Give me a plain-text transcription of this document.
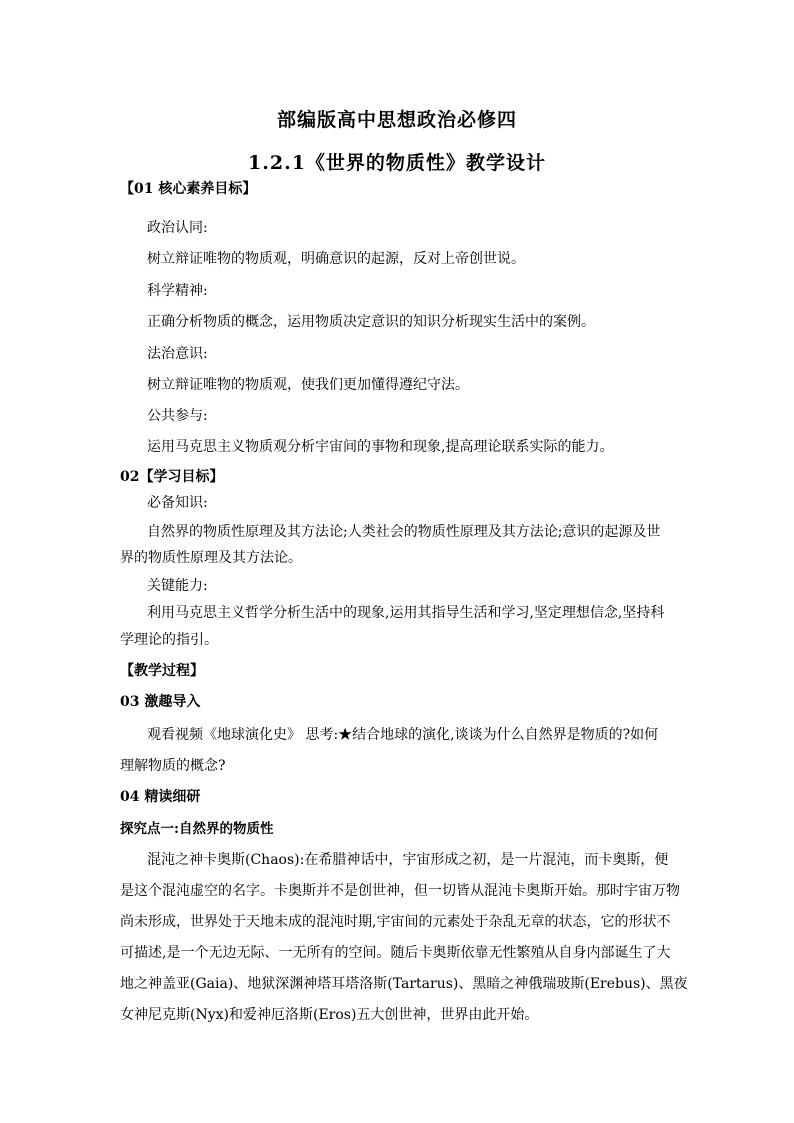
部编版高中思想政治必修四
1.2.1《世界的物质性》教学设计
【01 核心素养目标】
政治认同:
树立辩证唯物的物质观，明确意识的起源，反对上帝创世说。
科学精神:
正确分析物质的概念，运用物质决定意识的知识分析现实生活中的案例。
法治意识:
树立辩证唯物的物质观，使我们更加懂得遵纪守法。
公共参与:
运用马克思主义物质观分析宇宙间的事物和现象,提高理论联系实际的能力。
02【学习目标】
必备知识:
自然界的物质性原理及其方法论;人类社会的物质性原理及其方法论;意识的起源及世
界的物质性原理及其方法论。
关键能力:
利用马克思主义哲学分析生活中的现象,运用其指导生活和学习,坚定理想信念,坚持科
学理论的指引。
【教学过程】
03 激趣导入
观看视频《地球演化史》 思考:★结合地球的演化,谈谈为什么自然界是物质的?如何
理解物质的概念?
04 精读细研
探究点一:自然界的物质性
混沌之神卡奥斯(Chaos):在希腊神话中，宇宙形成之初，是一片混沌，而卡奥斯，便
是这个混沌虚空的名字。卡奥斯并不是创世神，但一切皆从混沌卡奥斯开始。那时宇宙万物
尚未形成，世界处于天地未成的混沌时期,宇宙间的元素处于杂乱无章的状态，它的形状不
可描述,是一个无边无际、一无所有的空间。随后卡奥斯依靠无性繁殖从自身内部诞生了大
地之神盖亚(Gaia)、地狱深渊神塔耳塔洛斯(Tartarus)、黑暗之神俄瑞玻斯(Erebus)、黑夜
女神尼克斯(Nyx)和爱神厄洛斯(Eros)五大创世神，世界由此开始。
